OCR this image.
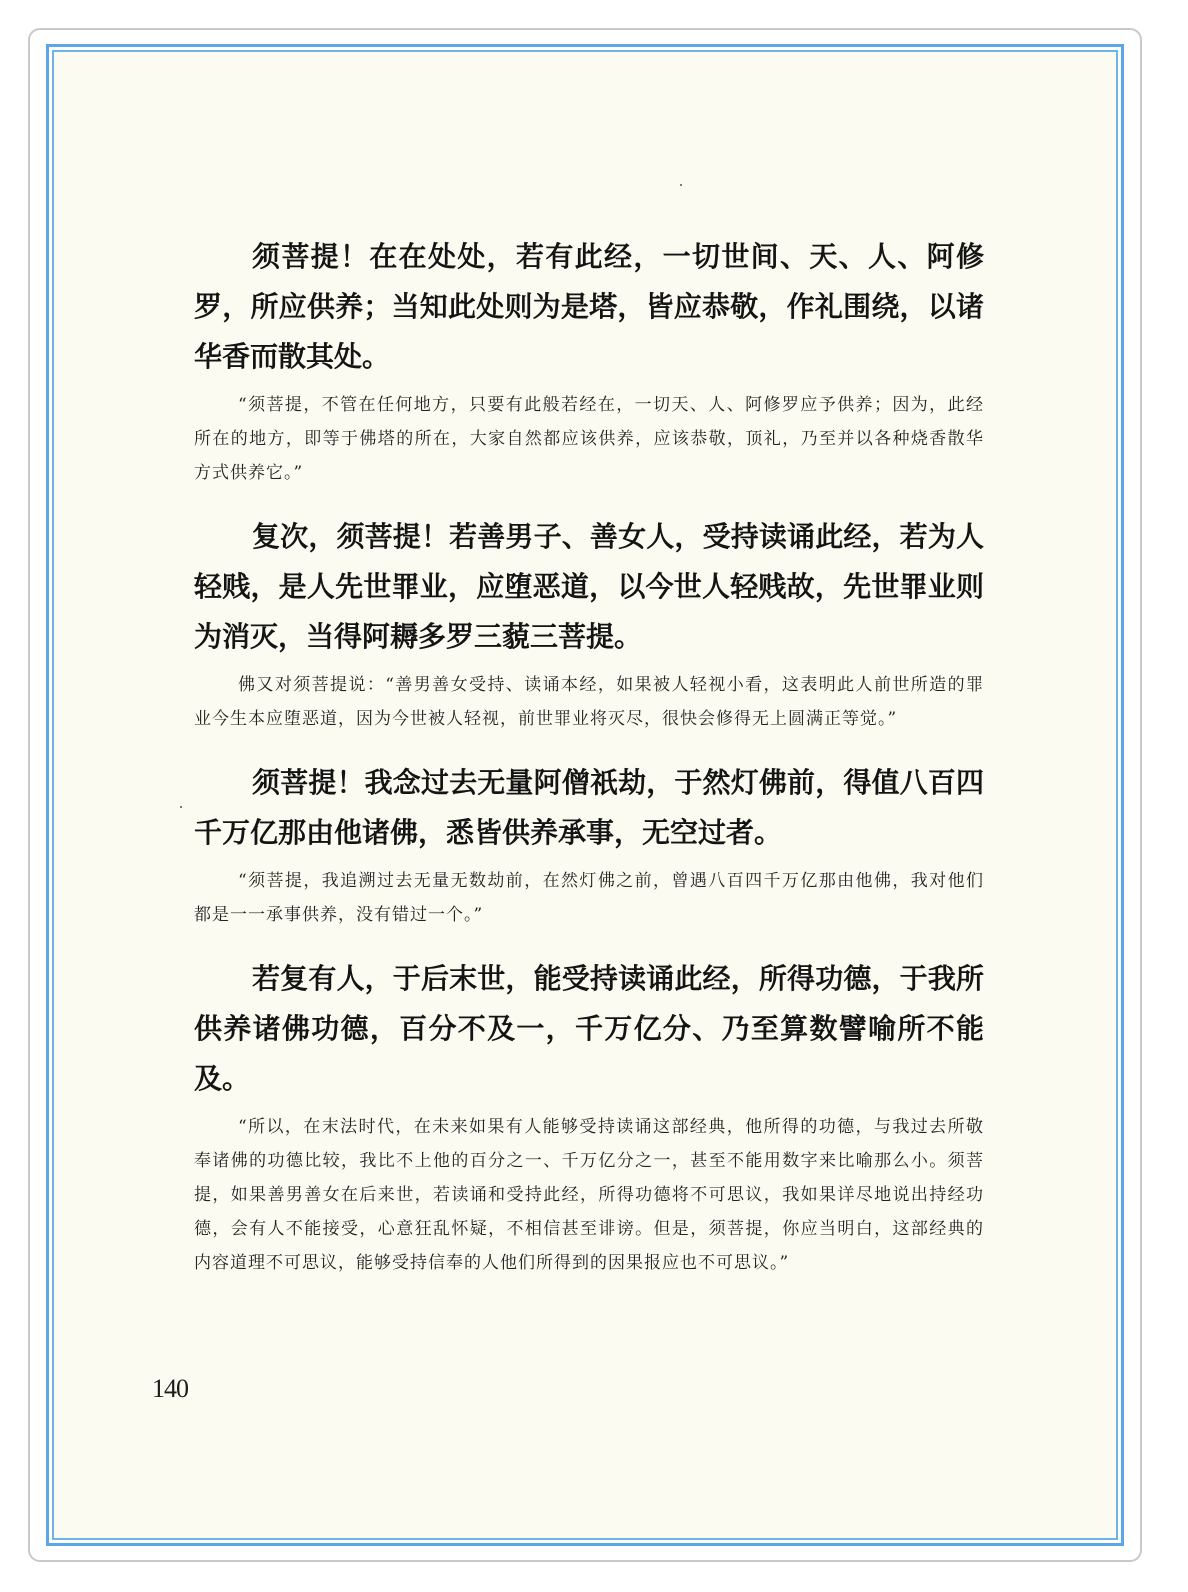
须菩提！在在处处，若有此经，一切世间、天、人、阿修罗，所应供养；当知此处则为是塔，皆应恭敬，作礼围绕，以诸华香而散其处。

“须菩提，不管在任何地方，只要有此般若经在，一切天、人、阿修罗应予供养；因为，此经所在的地方，即等于佛塔的所在，大家自然都应该供养，应该恭敬，顶礼，乃至并以各种烧香散华方式供养它。”

复次，须菩提！若善男子、善女人，受持读诵此经，若为人轻贱，是人先世罪业，应堕恶道，以今世人轻贱故，先世罪业则为消灭，当得阿耨多罗三藐三菩提。

佛又对须菩提说：“善男善女受持、读诵本经，如果被人轻视小看，这表明此人前世所造的罪业今生本应堕恶道，因为今世被人轻视，前世罪业将灭尽，很快会修得无上圆满正等觉。”

须菩提！我念过去无量阿僧祇劫，于然灯佛前，得值八百四千万亿那由他诸佛，悉皆供养承事，无空过者。

“须菩提，我追溯过去无量无数劫前，在然灯佛之前，曾遇八百四千万亿那由他佛，我对他们都是一一承事供养，没有错过一个。”

若复有人，于后末世，能受持读诵此经，所得功德，于我所供养诸佛功德，百分不及一，千万亿分、乃至算数譬喻所不能及。

“所以，在末法时代，在未来如果有人能够受持读诵这部经典，他所得的功德，与我过去所敬奉诸佛的功德比较，我比不上他的百分之一、千万亿分之一，甚至不能用数字来比喻那么小。须菩提，如果善男善女在后来世，若读诵和受持此经，所得功德将不可思议，我如果详尽地说出持经功德，会有人不能接受，心意狂乱怀疑，不相信甚至诽谤。但是，须菩提，你应当明白，这部经典的内容道理不可思议，能够受持信奉的人他们所得到的因果报应也不可思议。”

140
